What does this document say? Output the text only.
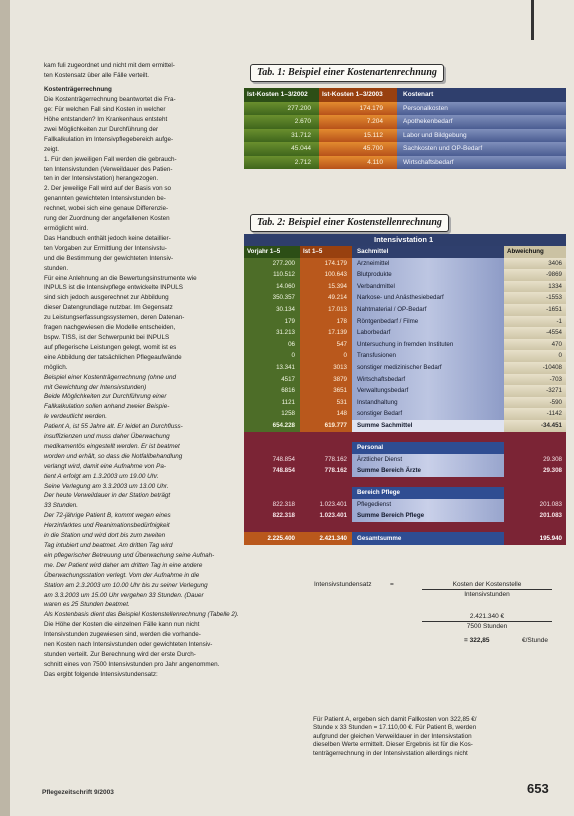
kam fuli zugeordnet und nicht mit dem ermittel-

ten Kostensatz über alle Fälle verteilt.

Kostenträgerrechnung

Die Kostenträgerrechnung beantwortet die Fra-

ge: Für welchen Fall sind Kosten in welcher

Höhe entstanden? Im Krankenhaus entsteht

zwei Möglichkeiten zur Durchführung der

Fallkalkulation im Intensivpflegebereich aufge-

zeigt.

1. Für den jeweiligen Fall werden die gebrauch-

ten Intensivstunden (Verweildauer des Patien-

ten in der Intensivstation) herangezogen.

2. Der jeweilige Fall wird auf der Basis von so

genannten gewichteten Intensivstunden be-

rechnet, wobei sich eine genaue Differenzie-

rung der Zuordnung der angefallenen Kosten

ermöglicht wird.

Das Handbuch enthält jedoch keine detaillier-

ten Vorgaben zur Ermittlung der Intensivstu-

und die Bestimmung der gewichteten Intensiv-

stunden.

Für eine Anlehnung an die Bewertungsinstrumente wie

INPULS ist die Intensivpflege entwickelte INPULS

sind sich jedoch ausgerechnet zur Abbildung

dieser Datengrundlage nutzbar. Im Gegensatz

zu Leistungserfassungssystemen, deren Datenan-

fragen nachgewiesen die Modelle entscheiden,

bspw. TISS, ist der Schwerpunkt bei INPULS

auf pflegerische Leistungen gelegt, womit ist es

eine Abbildung der tatsächlichen Pflegeaufwände

möglich.

Beispiel einer Kostenträgerrechnung (ohne und

mit Gewichtung der Intensivstunden)

Beide Möglichkeiten zur Durchführung einer

Fallkalkulation sollen anhand zweier Beispie-

le verdeutlicht werden.

Patient A, ist 55 Jahre alt. Er leidet an Durchfluss-

insuffizienzen und muss daher Überwachung

medikamentös eingestellt werden. Er ist beatmet

worden und erhält, so dass die Notfallbehandlung

verlangt wird, damit eine Aufnahme von Pa-

tient A erfolgt am 1.3.2003 um 19.00 Uhr.

Seine Verlegung am 3.3.2003 um 13.00 Uhr.

Der heute Verweildauer in der Station beträgt

33 Stunden.

Der 72-jährige Patient B, kommt wegen eines

Herzinfarktes und Reanimationsbedürfnigkeit

in die Station und wird dort bis zum zweiten

Tag intubiert und beatmet. Am dritten Tag wird

ein pflegerischer Betreuung und Überwachung seine Aufnah-

me. Der Patient wird daher am dritten Tag in eine andere

Überwachungsstation verlegt. Vom der Aufnahme in die

Station am 2.3.2003 um 10.00 Uhr bis zu seiner Verlegung

am 3.3.2003 um 15.00 Uhr vergehen 33 Stunden. (Dauer

waren es 25 Stunden beatmet.

Als Kostenbasis dient das Beispiel Kostenstellenrechnung (Tabelle 2).

Die Höhe der Kosten die einzelnen Fälle kann nun nicht

Intensivstunden zugewiesen sind, werden die vorhande-

nen Kosten nach Intensivstunden oder gewichteten Intensiv-

stunden verteilt. Zur Berechnung wird der erste Durch-

schnitt eines von 7500 Intensivstunden pro Jahr angenommen.

Das ergibt folgende Intensivstundensatz:

Tab. 1: Beispiel einer Kostenartenrechnung
Ist-Kosten 1–3/2002	Ist-Kosten 1–3/2003	Kostenart
277.200	174.179	Personalkosten
2.670	7.204	Apothekenbedarf
31.712	15.112	Labor und Bildgebung
45.044	45.700	Sachkosten und OP-Bedarf
2.712	4.110	Wirtschaftsbedarf
Tab. 2: Beispiel einer Kostenstellenrechnung
Intensivstation 1
Vorjahr 1–5	Ist 1–5	Sachmittel	Abweichung
277.200	174.179	Arzneimittel	3406
110.512	100.643	Blutprodukte	-9869
14.060	15.394	Verbandmittel	1334
350.357	49.214	Narkose- und Anästhesiebedarf	-1553
30.134	17.013	Nahtmaterial / OP-Bedarf	-1651
179	178	Röntgenbedarf / Filme	-1
31.213	17.139	Laborbedarf	-4554
06	547	Untersuchung in fremden Instituten	470
0	0	Transfusionen	0
13.341	3013	sonstiger medizinischer Bedarf	-10408
4517	3879	Wirtschaftsbedarf	-703
6816	3651	Verwaltungsbedarf	-3271
1121	531	Instandhaltung	-590
1258	148	sonstiger Bedarf	-1142
654.228	619.777	Summe Sachmittel	-34.451
Personal
748.854	778.162	Ärztlicher Dienst	29.308
748.854	778.162	Summe Bereich Ärzte	29.308
Bereich Pflege
822.318	1.023.401	Pflegedienst	201.083
822.318	1.023.401	Summe Bereich Pflege	201.083
2.225.400	2.421.340	Gesamtsumme	195.940
Intensivstundensatz	=	Kosten der Kostenstelle
Intensivstunden
2.421.340 €
7500 Stunden
= 322,85	€/Stunde
Für Patient A, ergeben sich damit Fallkosten von 322,85 €/
Stunde x 33 Stunden = 17.110,00 €. Für Patient B, werden
aufgrund der gleichen Verweildauer in der Intensivstation
dieselben Werte ermittelt. Dieser Ergebnis ist für die Kos-
tenträgerrechnung in der Intensivstation allerdings nicht
Pflegezeitschrift 9/2003	653
